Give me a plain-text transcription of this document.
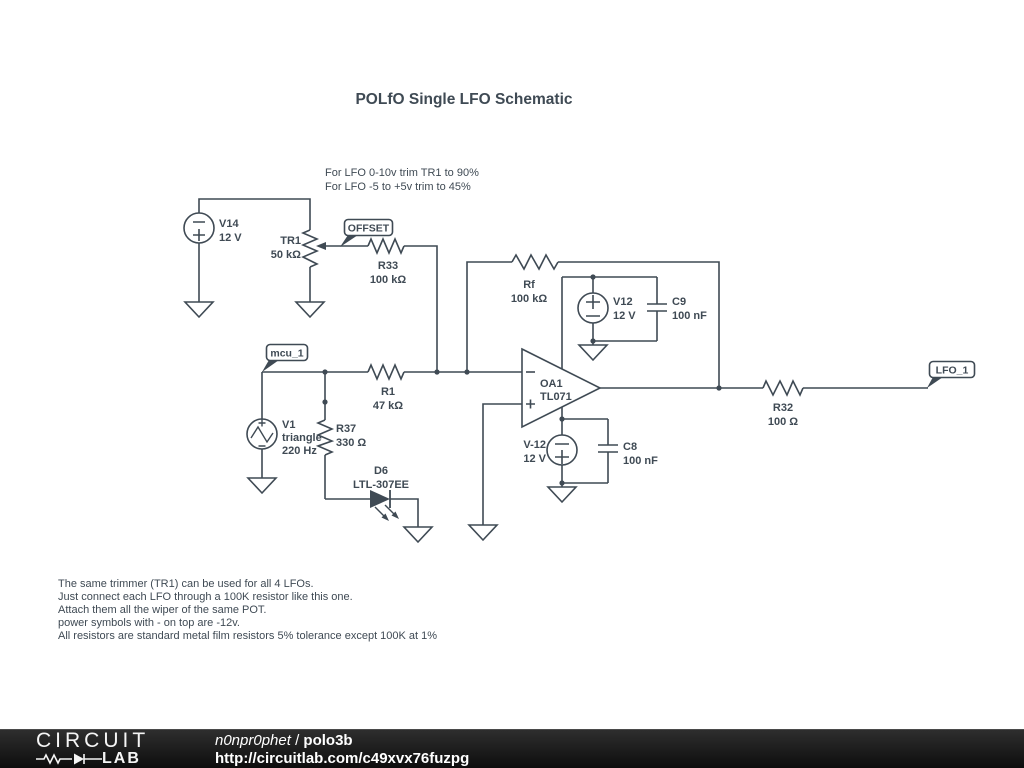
POLfO Single LFO Schematic
For LFO 0-10v trim TR1 to 90%
For LFO -5 to +5v trim to 45%
V14
12 V	TR1
50 kΩ
OFFSET
R33
100 kΩ
mcu_1
R1
47 kΩ
V1
triangle
220 Hz
R37
330 Ω
D6
LTL-307EE
Rf
100 kΩ	V12
12 V
C9
100 nF
OA1
TL071
V-12
12 V
C8
100 nF
R32
100 Ω
LFO_1
The same trimmer (TR1) can be used for all 4 LFOs.
Just connect each LFO through a 100K resistor like this one.
Attach them all the wiper of the same POT.
power symbols with - on top are -12v.
All resistors are standard metal film resistors 5% tolerance except 100K at 1%
CIRCUIT
LAB
n0npr0phet / polo3b
http://circuitlab.com/c49xvx76fuzpg
